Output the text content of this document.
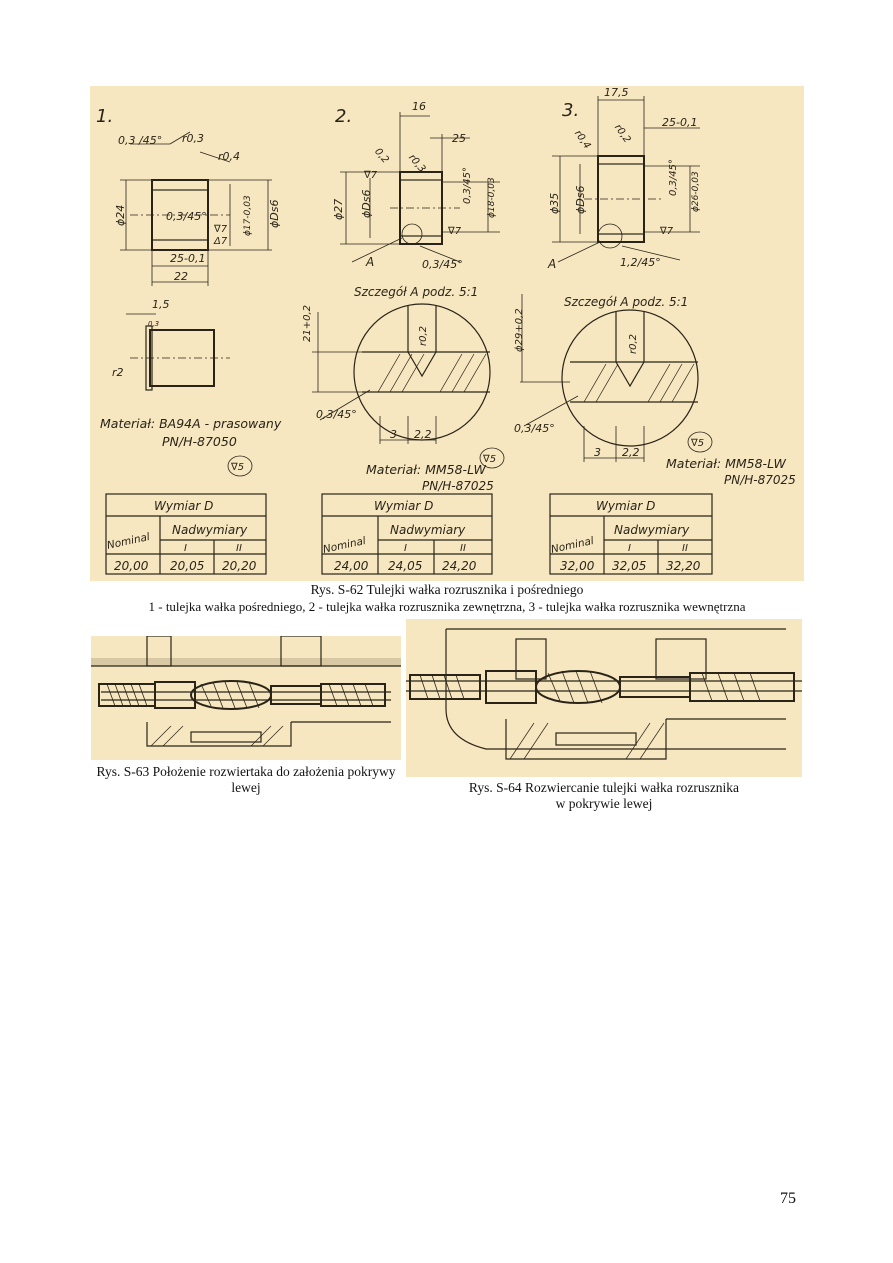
1.	2.	3.
0,3 /45° r0,3
r0,4
ϕ24	0,3/45°	ϕ17-0,03 ϕDs6
∇7
Δ7
25-0,1
22
1,5
r2
0,3
Materiał: BA94A - prasowany
PN/H-87050
∇5
16
25
0,2 r0,3
∇7
ϕ27 ϕDs6	0,3/45° ϕ18-0,03
∇7
A	0,3/45°
Szczegół A podz. 5:1
21+0,2	r0,2
0,3/45°
3 2,2
Materiał: MM58-LW
PN/H-87025
∇5
17,5
25-0,1
r0,4 r0,2
0,3/45°
ϕ35 ϕDs6	ϕ26-0,03
∇7
A	1,2/45°
Szczegół A podz. 5:1
ϕ29+0,2	r0,2
0,3/45°
3 2,2
Materiał: MM58-LW
PN/H-87025
∇5
Wymiar D
Nominal
Nadwymiary
I	II
20,00 20,05 20,20
Wymiar D
Nominal
Nadwymiary
I	II
24,00 24,05 24,20
Wymiar D
Nominal
Nadwymiary
I	II
32,00 32,05 32,20
Rys. S-62 Tulejki wałka rozrusznika i pośredniego
1 - tulejka wałka pośredniego, 2 - tulejka wałka rozrusznika zewnętrzna, 3 - tulejka wałka rozrusznika wewnętrzna
Rys. S-63 Położenie rozwiertaka do założenia pokrywy lewej	Rys. S-64 Rozwiercanie tulejki wałka rozrusznika w pokrywie lewej
75
